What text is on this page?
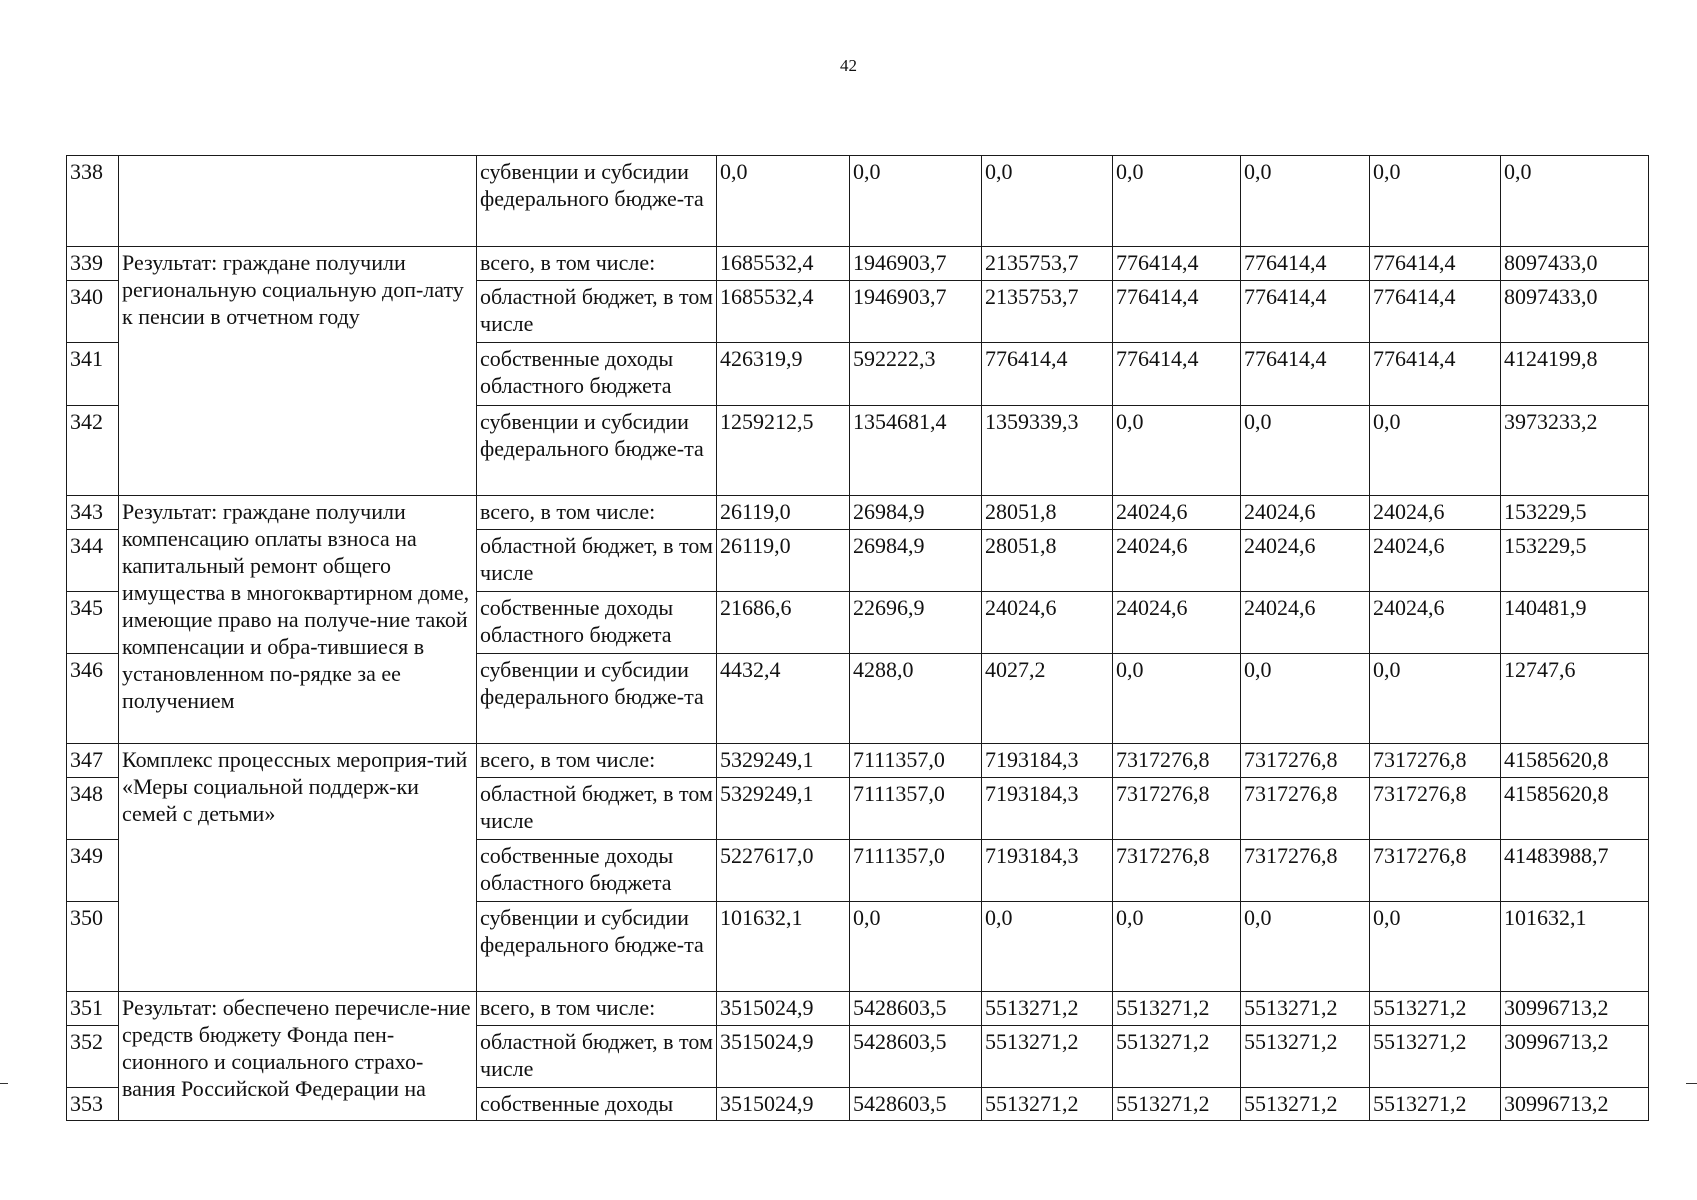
42
338		субвенции и субсидии федерального бюдже-та	0,0	0,0	0,0	0,0	0,0	0,0	0,0
339	Результат: граждане получили региональную социальную доп-лату к пенсии в отчетном году	всего, в том числе:	1685532,4	1946903,7	2135753,7	776414,4	776414,4	776414,4	8097433,0
340		областной бюджет, в том числе	1685532,4	1946903,7	2135753,7	776414,4	776414,4	776414,4	8097433,0
341		собственные доходы областного бюджета	426319,9	592222,3	776414,4	776414,4	776414,4	776414,4	4124199,8
342		субвенции и субсидии федерального бюдже-та	1259212,5	1354681,4	1359339,3	0,0	0,0	0,0	3973233,2
343	Результат: граждане получили компенсацию оплаты взноса на капитальный ремонт общего имущества в многоквартирном доме, имеющие право на получе-ние такой компенсации и обра-тившиеся в установленном по-рядке за ее получением	всего, в том числе:	26119,0	26984,9	28051,8	24024,6	24024,6	24024,6	153229,5
344		областной бюджет, в том числе	26119,0	26984,9	28051,8	24024,6	24024,6	24024,6	153229,5
345		собственные доходы областного бюджета	21686,6	22696,9	24024,6	24024,6	24024,6	24024,6	140481,9
346		субвенции и субсидии федерального бюдже-та	4432,4	4288,0	4027,2	0,0	0,0	0,0	12747,6
347	Комплекс процессных мероприя-тий «Меры социальной поддерж-ки семей с детьми»	всего, в том числе:	5329249,1	7111357,0	7193184,3	7317276,8	7317276,8	7317276,8	41585620,8
348		областной бюджет, в том числе	5329249,1	7111357,0	7193184,3	7317276,8	7317276,8	7317276,8	41585620,8
349		собственные доходы областного бюджета	5227617,0	7111357,0	7193184,3	7317276,8	7317276,8	7317276,8	41483988,7
350		субвенции и субсидии федерального бюдже-та	101632,1	0,0	0,0	0,0	0,0	0,0	101632,1
351	Результат: обеспечено перечисле-ние средств бюджету Фонда пен-сионного и социального страхо-вания Российской Федерации на	всего, в том числе:	3515024,9	5428603,5	5513271,2	5513271,2	5513271,2	5513271,2	30996713,2
352		областной бюджет, в том числе	3515024,9	5428603,5	5513271,2	5513271,2	5513271,2	5513271,2	30996713,2
353		собственные доходы	3515024,9	5428603,5	5513271,2	5513271,2	5513271,2	5513271,2	30996713,2
